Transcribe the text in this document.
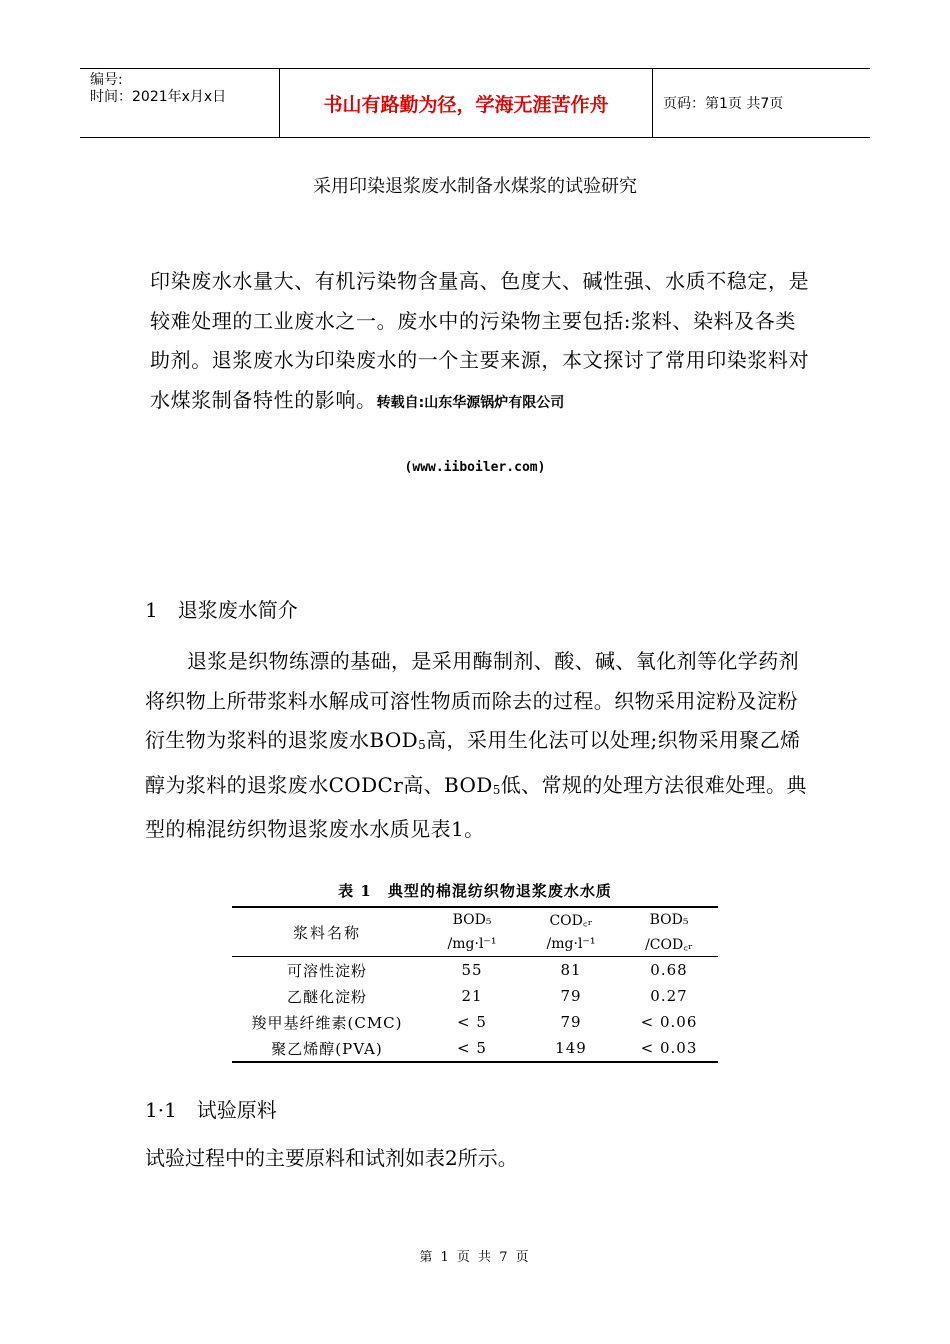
编号:
时间：2021年x月x日	书山有路勤为径，学海无涯苦作舟	页码：第1页 共7页
采用印染退浆废水制备水煤浆的试验研究
印染废水水量大、有机污染物含量高、色度大、碱性强、水质不稳定，是较难处理的工业废水之一。废水中的污染物主要包括:浆料、染料及各类助剂。退浆废水为印染废水的一个主要来源，本文探讨了常用印染浆料对水煤浆制备特性的影响。转载自:山东华源锅炉有限公司
(www.iiboiler.com)
1　退浆废水简介
退浆是织物练漂的基础，是采用酶制剂、酸、碱、氧化剂等化学药剂将织物上所带浆料水解成可溶性物质而除去的过程。织物采用淀粉及淀粉衍生物为浆料的退浆废水$BOD_5$高，采用生化法可以处理;织物采用聚乙烯醇为浆料的退浆废水CODCr高、$BOD_5$低、常规的处理方法很难处理。典型的棉混纺织物退浆废水水质见表1。
表 1　典型的棉混纺织物退浆废水水质
浆料名称	BOD₅	COD꜀ᵣ	BOD₅
	/mg·l⁻¹	/mg·l⁻¹	/COD꜀ᵣ
可溶性淀粉	55	81	0.68
乙醚化淀粉	21	79	0.27
羧甲基纤维素(CMC)	< 5	79	< 0.06
聚乙烯醇(PVA)	< 5	149	< 0.03
1·1　试验原料
试验过程中的主要原料和试剂如表2所示。
第 1 页 共 7 页
